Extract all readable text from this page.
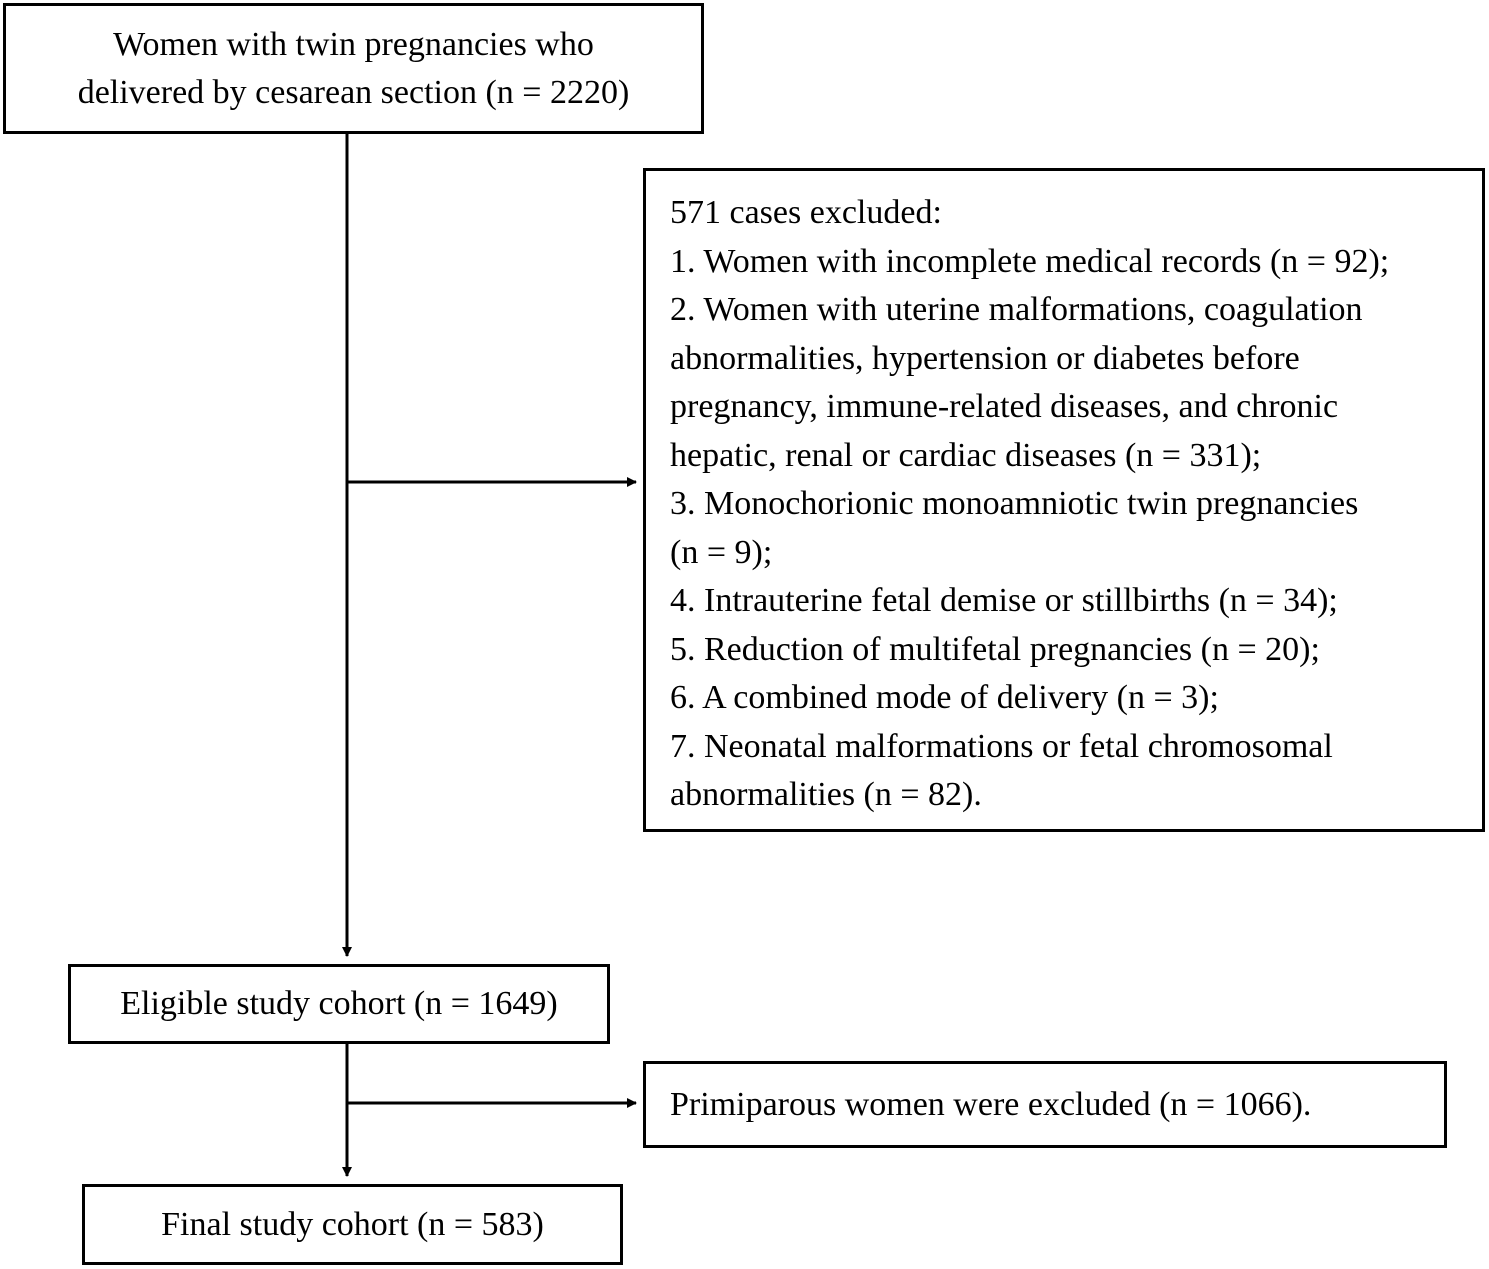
Women with twin pregnancies who
delivered by cesarean section (n = 2220)
571 cases excluded:
1. Women with incomplete medical records (n = 92);
2. Women with uterine malformations, coagulation
abnormalities, hypertension or diabetes before
pregnancy, immune-related diseases, and chronic
hepatic, renal or cardiac diseases (n = 331);
3. Monochorionic monoamniotic twin pregnancies
(n = 9);
4. Intrauterine fetal demise or stillbirths (n = 34);
5. Reduction of multifetal pregnancies (n = 20);
6. A combined mode of delivery (n = 3);
7. Neonatal malformations or fetal chromosomal
abnormalities (n = 82).
Eligible study cohort (n = 1649)
Primiparous women were excluded (n = 1066).
Final study cohort (n = 583)
